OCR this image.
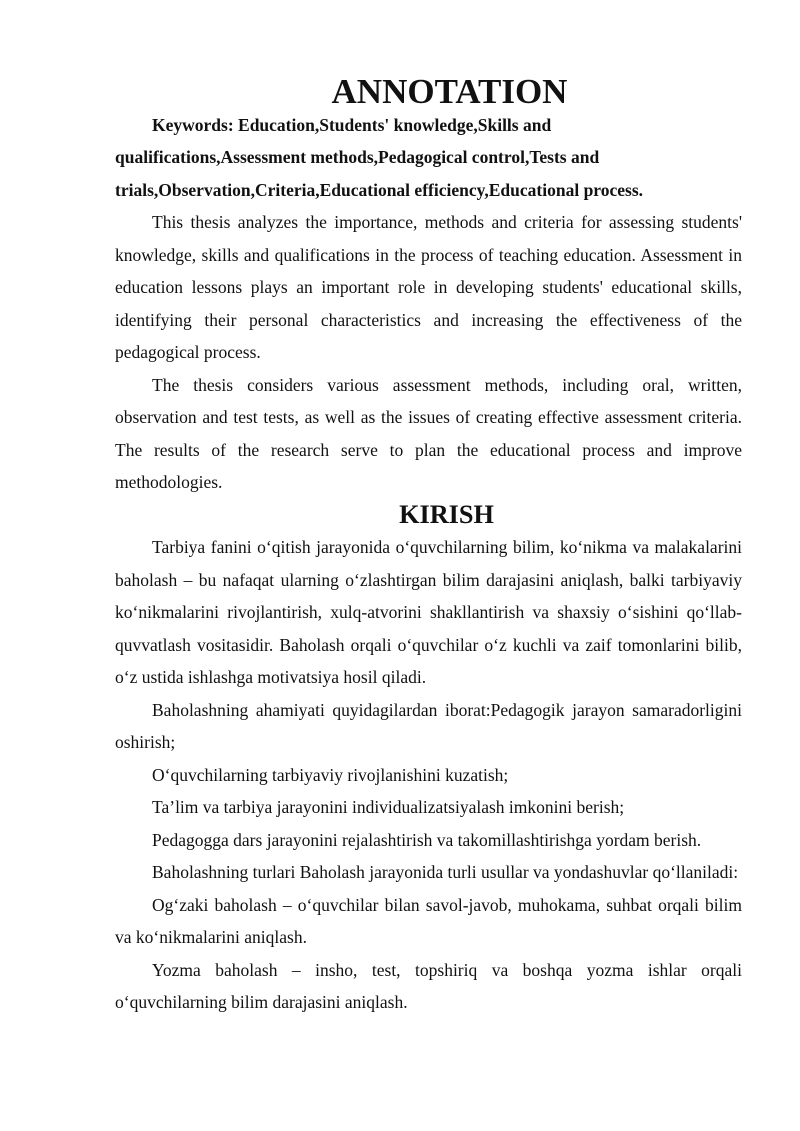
ANNOTATION

Keywords: Education,Students' knowledge,Skills and qualifications,Assessment methods,Pedagogical control,Tests and trials,Observation,Criteria,Educational efficiency,Educational process.

This thesis analyzes the importance, methods and criteria for assessing students' knowledge, skills and qualifications in the process of teaching education. Assessment in education lessons plays an important role in developing students' educational skills, identifying their personal characteristics and increasing the effectiveness of the pedagogical process.

The thesis considers various assessment methods, including oral, written, observation and test tests, as well as the issues of creating effective assessment criteria. The results of the research serve to plan the educational process and improve methodologies.

KIRISH

Tarbiya fanini o‘qitish jarayonida o‘quvchilarning bilim, ko‘nikma va malakalarini baholash – bu nafaqat ularning o‘zlashtirgan bilim darajasini aniqlash, balki tarbiyaviy ko‘nikmalarini rivojlantirish, xulq-atvorini shakllantirish va shaxsiy o‘sishini qo‘llab-quvvatlash vositasidir. Baholash orqali o‘quvchilar o‘z kuchli va zaif tomonlarini bilib, o‘z ustida ishlashga motivatsiya hosil qiladi.

Baholashning ahamiyati quyidagilardan iborat:Pedagogik jarayon samaradorligini oshirish;

O‘quvchilarning tarbiyaviy rivojlanishini kuzatish;

Ta’lim va tarbiya jarayonini individualizatsiyalash imkonini berish;

Pedagogga dars jarayonini rejalashtirish va takomillashtirishga yordam berish.

Baholashning turlari Baholash jarayonida turli usullar va yondashuvlar qo‘llaniladi:

Og‘zaki baholash – o‘quvchilar bilan savol-javob, muhokama, suhbat orqali bilim va ko‘nikmalarini aniqlash.

Yozma baholash – insho, test, topshiriq va boshqa yozma ishlar orqali o‘quvchilarning bilim darajasini aniqlash.
